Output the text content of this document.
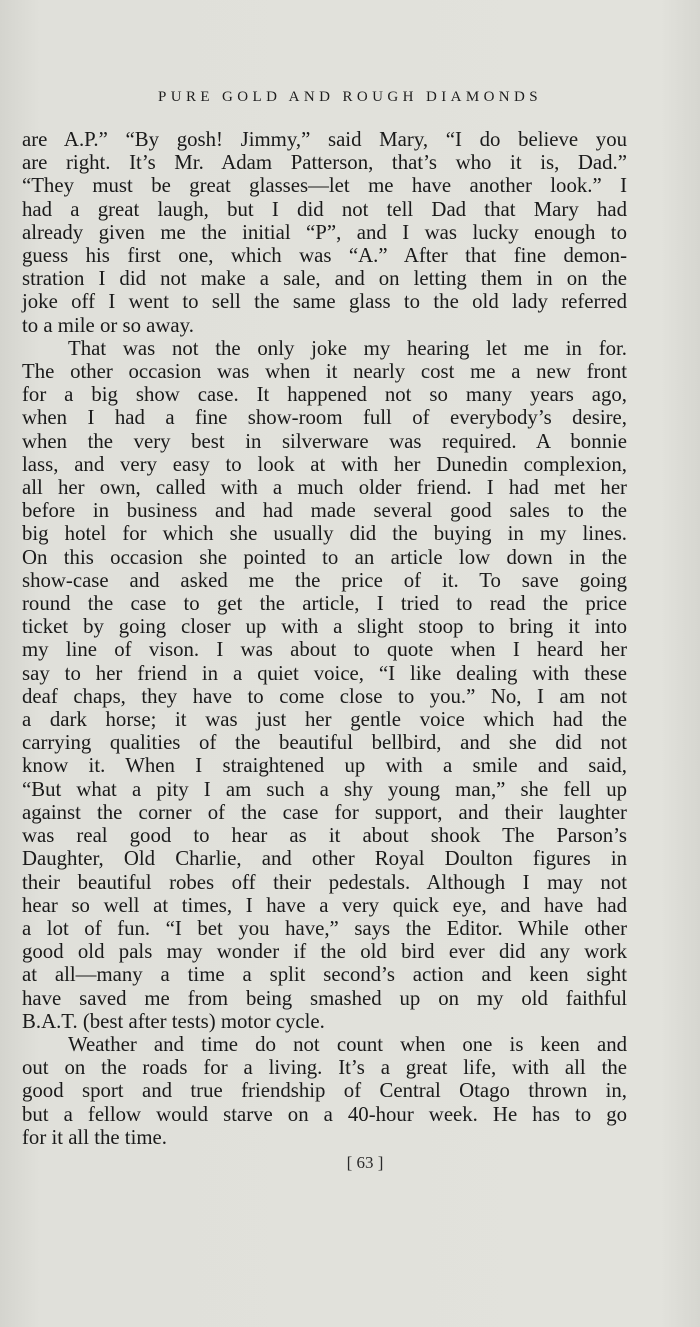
PURE GOLD AND ROUGH DIAMONDS
are A.P.” “By gosh! Jimmy,” said Mary, “I do believe you
are right. It’s Mr. Adam Patterson, that’s who it is, Dad.”
“They must be great glasses—let me have another look.” I
had a great laugh, but I did not tell Dad that Mary had
already given me the initial “P”, and I was lucky enough to
guess his first one, which was “A.” After that fine demon-
stration I did not make a sale, and on letting them in on the
joke off I went to sell the same glass to the old lady referred
to a mile or so away.
That was not the only joke my hearing let me in for.
The other occasion was when it nearly cost me a new front
for a big show case. It happened not so many years ago,
when I had a fine show-room full of everybody’s desire,
when the very best in silverware was required. A bonnie
lass, and very easy to look at with her Dunedin complexion,
all her own, called with a much older friend. I had met her
before in business and had made several good sales to the
big hotel for which she usually did the buying in my lines.
On this occasion she pointed to an article low down in the
show-case and asked me the price of it. To save going
round the case to get the article, I tried to read the price
ticket by going closer up with a slight stoop to bring it into
my line of vison. I was about to quote when I heard her
say to her friend in a quiet voice, “I like dealing with these
deaf chaps, they have to come close to you.” No, I am not
a dark horse; it was just her gentle voice which had the
carrying qualities of the beautiful bellbird, and she did not
know it. When I straightened up with a smile and said,
“But what a pity I am such a shy young man,” she fell up
against the corner of the case for support, and their laughter
was real good to hear as it about shook The Parson’s
Daughter, Old Charlie, and other Royal Doulton figures in
their beautiful robes off their pedestals. Although I may not
hear so well at times, I have a very quick eye, and have had
a lot of fun. “I bet you have,” says the Editor. While other
good old pals may wonder if the old bird ever did any work
at all—many a time a split second’s action and keen sight
have saved me from being smashed up on my old faithful
B.A.T. (best after tests) motor cycle.
Weather and time do not count when one is keen and
out on the roads for a living. It’s a great life, with all the
good sport and true friendship of Central Otago thrown in,
but a fellow would starve on a 40-hour week. He has to go
for it all the time.
[ 63 ]
